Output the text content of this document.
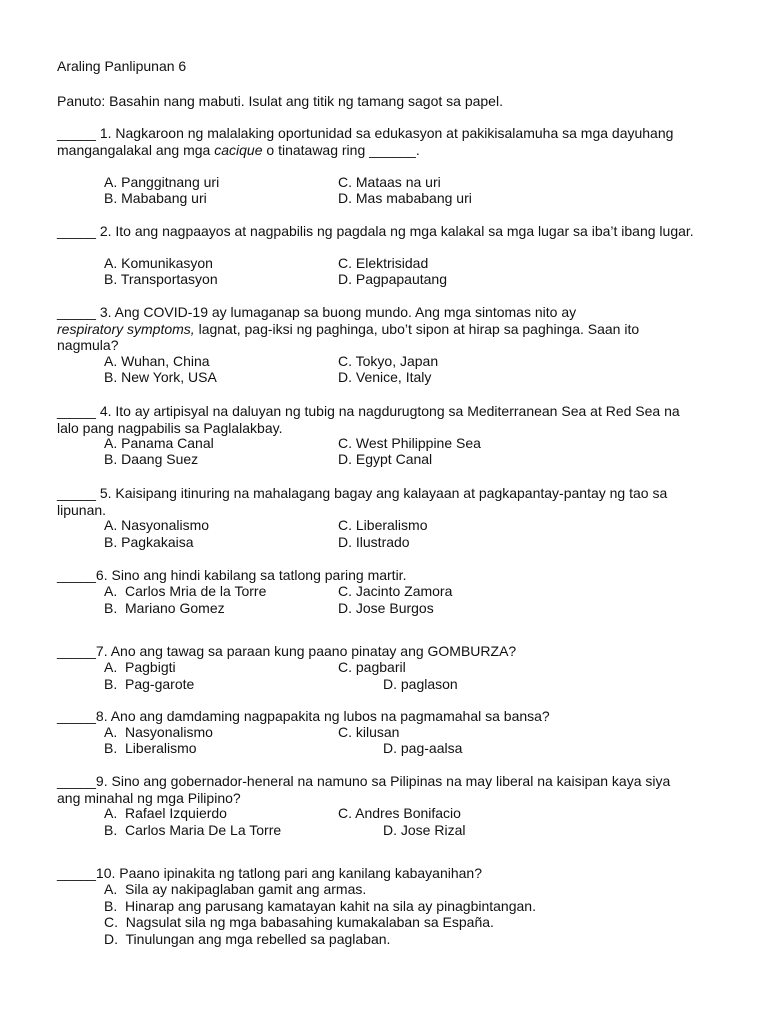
Araling Panlipunan 6
Panuto: Basahin nang mabuti. Isulat ang titik ng tamang sagot sa papel.
_____ 1. Nagkaroon ng malalaking oportunidad sa edukasyon at pakikisalamuha sa mga dayuhang mangangalakal ang mga cacique o tinatawag ring ______.
A. Panggitnang uri	C. Mataas na uri
B. Mababang uri	D. Mas mababang uri
_____ 2. Ito ang nagpaayos at nagpabilis ng pagdala ng mga kalakal sa mga lugar sa iba’t ibang lugar.
A. Komunikasyon	C. Elektrisidad
B. Transportasyon	D. Pagpapautang
_____ 3. Ang COVID-19 ay lumaganap sa buong mundo. Ang mga sintomas nito ay
respiratory symptoms, lagnat, pag-iksi ng paghinga, ubo’t sipon at hirap sa paghinga. Saan ito nagmula?
A. Wuhan, China	C. Tokyo, Japan
B. New York, USA	D. Venice, Italy
_____ 4. Ito ay artipisyal na daluyan ng tubig na nagdurugtong sa Mediterranean Sea at Red Sea na lalo pang nagpabilis sa Paglalakbay.
A. Panama Canal	C. West Philippine Sea
B. Daang Suez	D. Egypt Canal
_____ 5. Kaisipang itinuring na mahalagang bagay ang kalayaan at pagkapantay-pantay ng tao sa lipunan.
A. Nasyonalismo	C. Liberalismo
B. Pagkakaisa	D. Ilustrado
_____6. Sino ang hindi kabilang sa tatlong paring martir.
A.  Carlos Mria de la Torre	C. Jacinto Zamora
B.  Mariano Gomez	D. Jose Burgos
_____7. Ano ang tawag sa paraan kung paano pinatay ang GOMBURZA?
A.  Pagbigti	C. pagbaril
B.  Pag-garote	D. paglason
_____8. Ano ang damdaming nagpapakita ng lubos na pagmamahal sa bansa?
A.  Nasyonalismo	C. kilusan
B.  Liberalismo	D. pag-aalsa
_____9. Sino ang gobernador-heneral na namuno sa Pilipinas na may liberal na kaisipan kaya siya ang minahal ng mga Pilipino?
A.  Rafael Izquierdo	C. Andres Bonifacio
B.  Carlos Maria De La Torre	D. Jose Rizal
_____10. Paano ipinakita ng tatlong pari ang kanilang kabayanihan?
A.  Sila ay nakipaglaban gamit ang armas.
B.  Hinarap ang parusang kamatayan kahit na sila ay pinagbintangan.
C.  Nagsulat sila ng mga babasahing kumakalaban sa España.
D.  Tinulungan ang mga rebelled sa paglaban.
